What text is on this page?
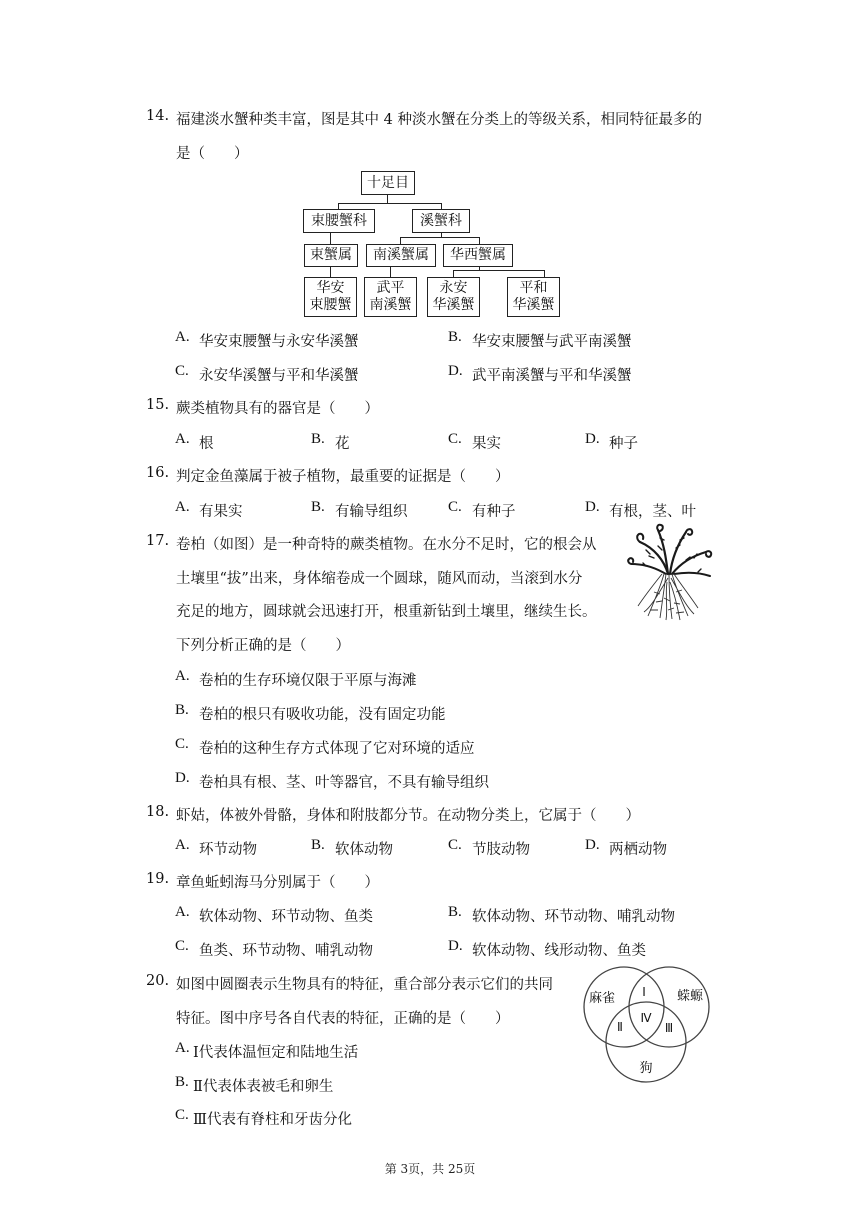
14. 福建淡水蟹种类丰富，图是其中 4 种淡水蟹在分类上的等级关系，相同特征最多的
是（　　）
十足目
束腰蟹科	溪蟹科
束蟹属	南溪蟹属	华西蟹属
华安
束腰蟹
武平
南溪蟹
永安
华溪蟹
平和
华溪蟹
A. 华安束腰蟹与永安华溪蟹	B. 华安束腰蟹与武平南溪蟹
C. 永安华溪蟹与平和华溪蟹	D. 武平南溪蟹与平和华溪蟹
15. 蕨类植物具有的器官是（　　）
A. 根	B. 花	C. 果实	D. 种子
16. 判定金鱼藻属于被子植物，最重要的证据是（　　）
A. 有果实	B. 有输导组织	C. 有种子	D. 有根，茎、叶
17. 卷柏（如图）是一种奇特的蕨类植物。在水分不足时，它的根会从
土壤里“拔”出来，身体缩卷成一个圆球，随风而动，当滚到水分
充足的地方，圆球就会迅速打开，根重新钻到土壤里，继续生长。
下列分析正确的是（　　）
A. 卷柏的生存环境仅限于平原与海滩
B. 卷柏的根只有吸收功能，没有固定功能
C. 卷柏的这种生存方式体现了它对环境的适应
D. 卷柏具有根、茎、叶等器官，不具有输导组织
18. 虾姑，体被外骨骼，身体和附肢都分节。在动物分类上，它属于（　　）
A. 环节动物	B. 软体动物	C. 节肢动物	D. 两栖动物
19. 章鱼蚯蚓海马分别属于（　　）
A. 软体动物、环节动物、鱼类	B. 软体动物、环节动物、哺乳动物
C. 鱼类、环节动物、哺乳动物	D. 软体动物、线形动物、鱼类
20. 如图中圆圈表示生物具有的特征，重合部分表示它们的共同
特征。图中序号各自代表的特征，正确的是（　　）
麻雀	蝾螈
狗
Ⅰ
Ⅱ	Ⅲ
Ⅳ
A. Ⅰ代表体温恒定和陆地生活
B. Ⅱ代表体表被毛和卵生
C. Ⅲ代表有脊柱和牙齿分化
第 3页，共 25页
